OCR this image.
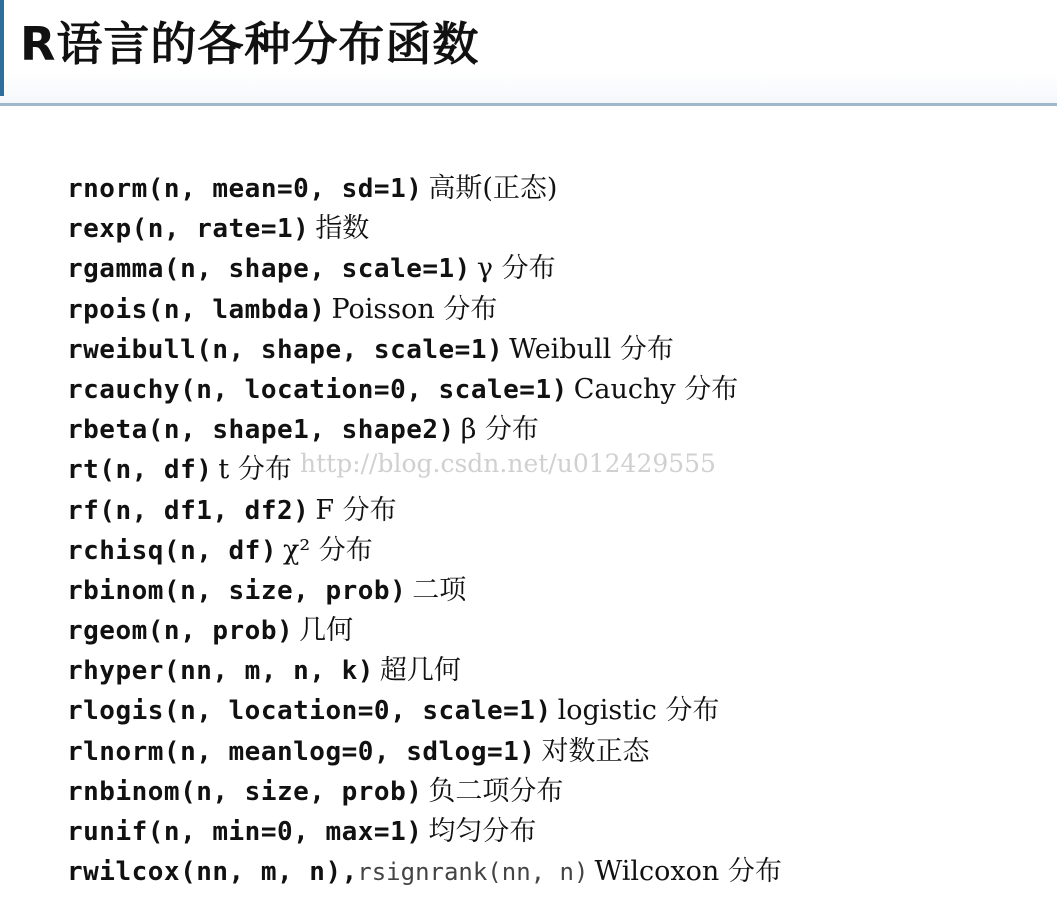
R语言的各种分布函数
rnorm(n, mean=0, sd=1) 高斯(正态)
rexp(n, rate=1) 指数
rgamma(n, shape, scale=1) γ 分布
rpois(n, lambda) Poisson 分布
rweibull(n, shape, scale=1) Weibull 分布
rcauchy(n, location=0, scale=1) Cauchy 分布
rbeta(n, shape1, shape2) β 分布
rt(n, df) t 分布
rf(n, df1, df2) F 分布
rchisq(n, df) χ² 分布
rbinom(n, size, prob) 二项
rgeom(n, prob) 几何
rhyper(nn, m, n, k) 超几何
rlogis(n, location=0, scale=1) logistic 分布
rlnorm(n, meanlog=0, sdlog=1) 对数正态
rnbinom(n, size, prob) 负二项分布
runif(n, min=0, max=1) 均匀分布
rwilcox(nn, m, n),rsignrank(nn, n) Wilcoxon 分布
http://blog.csdn.net/u012429555
